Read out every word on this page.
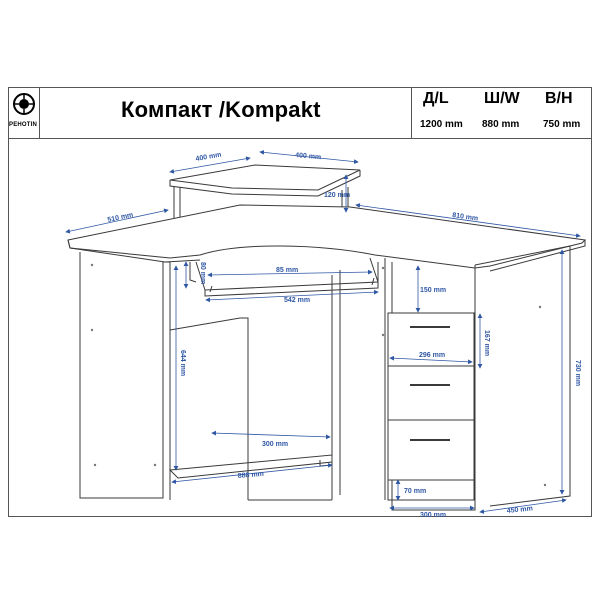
PEHOTIN
Компакт /Kompakt	Д/L Ш/W В/Н
1200 mm 880 mm 750 mm
400 mm	400 mm
120 mm
510 mm	810 mm
85 mm
80 mm
542 mm
644 mm
150 mm
167 mm
296 mm
300 mm
888 mm
730 mm
70 mm
300 mm
450 mm
